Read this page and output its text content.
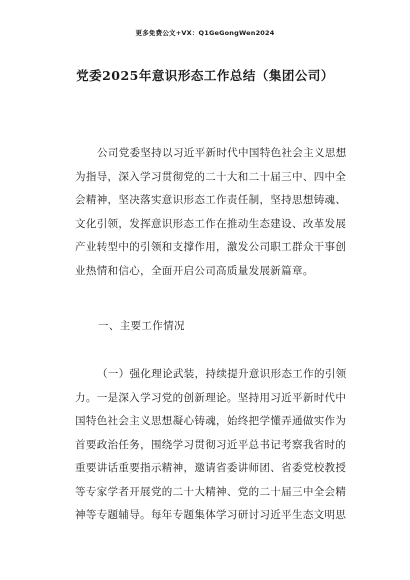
更多免费公文+VX：Q1GeGongWen2024
党委2025年意识形态工作总结（集团公司）
公司党委坚持以习近平新时代中国特色社会主义思想
为指导，深入学习贯彻党的二十大和二十届三中、四中全
会精神，坚决落实意识形态工作责任制，坚持思想铸魂、
文化引领，发挥意识形态工作在推动生态建设、改革发展
产业转型中的引领和支撑作用，激发公司职工群众干事创
业热情和信心，全面开启公司高质量发展新篇章。
一、主要工作情况
（一）强化理论武装，持续提升意识形态工作的引领
力。一是深入学习党的创新理论。坚持用习近平新时代中
国特色社会主义思想凝心铸魂，始终把学懂弄通做实作为
首要政治任务，围绕学习贯彻习近平总书记考察我省时的
重要讲话重要指示精神，邀请省委讲师团、省委党校教授
等专家学者开展党的二十大精神、党的二十届三中全会精
神等专题辅导。每年专题集体学习研讨习近平生态文明思
